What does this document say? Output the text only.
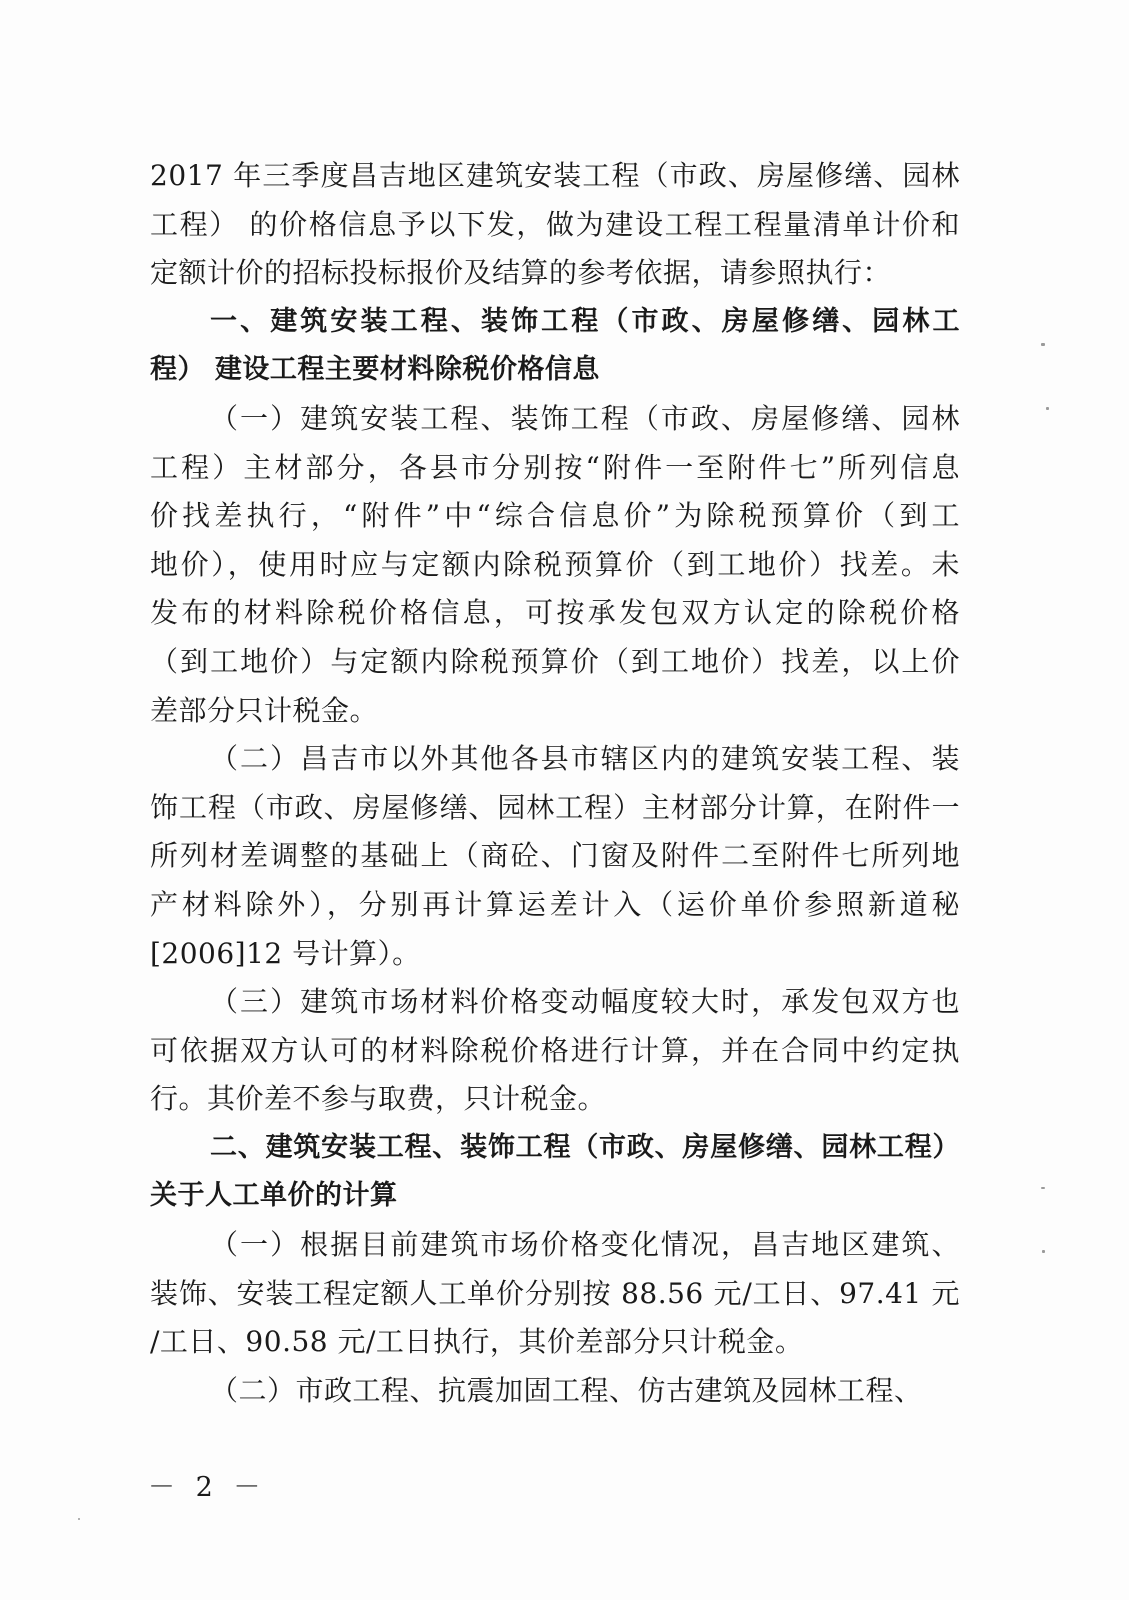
2017 年三季度昌吉地区建筑安装工程（市政、房屋修缮、园林
工程） 的价格信息予以下发，做为建设工程工程量清单计价和
定额计价的招标投标报价及结算的参考依据，请参照执行：
一、建筑安装工程、装饰工程（市政、房屋修缮、园林工
程） 建设工程主要材料除税价格信息
（一）建筑安装工程、装饰工程（市政、房屋修缮、园林
工程）主材部分，各县市分别按“附件一至附件七”所列信息
价找差执行，“附件”中“综合信息价”为除税预算价（到工
地价），使用时应与定额内除税预算价（到工地价）找差。未
发布的材料除税价格信息，可按承发包双方认定的除税价格
（到工地价）与定额内除税预算价（到工地价）找差，以上价
差部分只计税金。
（二）昌吉市以外其他各县市辖区内的建筑安装工程、装
饰工程（市政、房屋修缮、园林工程）主材部分计算，在附件一
所列材差调整的基础上（商砼、门窗及附件二至附件七所列地
产材料除外），分别再计算运差计入（运价单价参照新道秘
[2006]12 号计算）。
（三）建筑市场材料价格变动幅度较大时，承发包双方也
可依据双方认可的材料除税价格进行计算，并在合同中约定执
行。其价差不参与取费，只计税金。
二、建筑安装工程、装饰工程（市政、房屋修缮、园林工程）
关于人工单价的计算
（一）根据目前建筑市场价格变化情况，昌吉地区建筑、
装饰、安装工程定额人工单价分别按 88.56 元/工日、97.41 元
/工日、90.58 元/工日执行，其价差部分只计税金。
（二）市政工程、抗震加固工程、仿古建筑及园林工程、
－ 2 －
